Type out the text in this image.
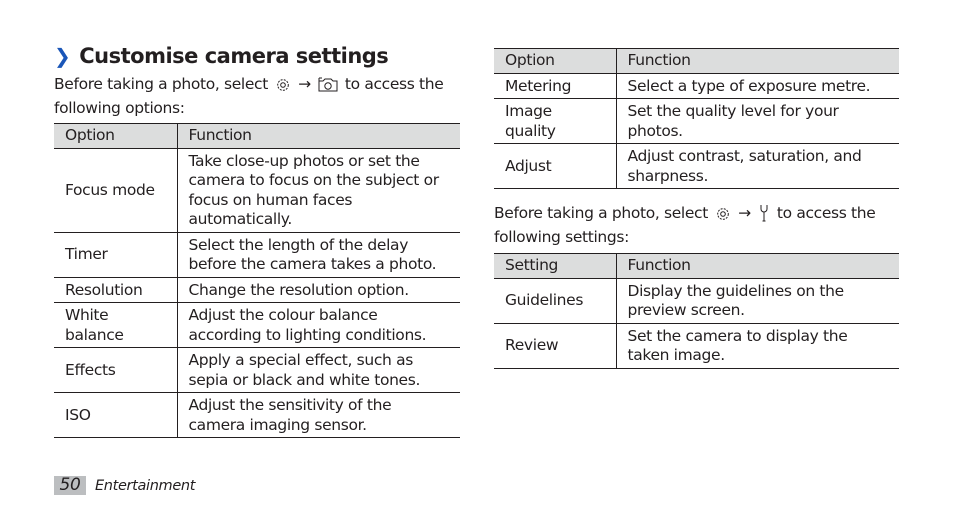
❯ Customise camera settings
Before taking a photo, select → to access the
following options:
Option	Function
Focus mode	Take close-up photos or set the camera to focus on the subject or focus on human faces automatically.
Timer	Select the length of the delay before the camera takes a photo.
Resolution	Change the resolution option.
White balance	Adjust the colour balance according to lighting conditions.
Effects	Apply a special effect, such as sepia or black and white tones.
ISO	Adjust the sensitivity of the camera imaging sensor.
Option	Function
Metering	Select a type of exposure metre.
Image quality	Set the quality level for your photos.
Adjust	Adjust contrast, saturation, and sharpness.
Before taking a photo, select → to access the
following settings:
Setting	Function
Guidelines	Display the guidelines on the preview screen.
Review	Set the camera to display the taken image.
50	Entertainment
